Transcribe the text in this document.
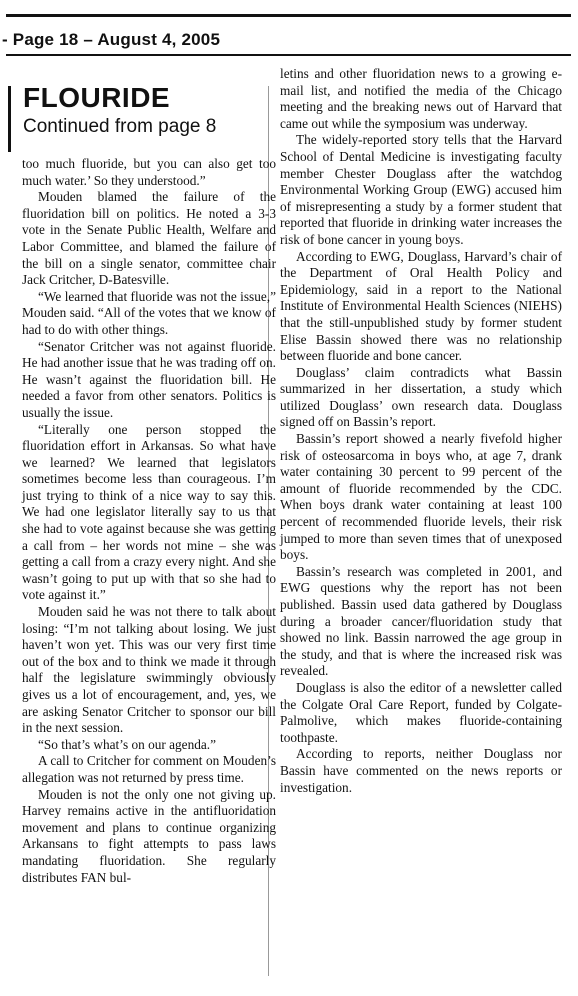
- Page 18 – August 4, 2005
FLOURIDE
Continued from page 8

too much fluoride, but you can also get too much water.’ So they understood.”

Mouden blamed the failure of the fluoridation bill on politics. He noted a 3-3 vote in the Senate Public Health, Welfare and Labor Committee, and blamed the failure of the bill on a single senator, committee chair Jack Critcher, D-Batesville.

“We learned that fluoride was not the issue,” Mouden said. “All of the votes that we know of had to do with other things.

“Senator Critcher was not against fluoride. He had another issue that he was trading off on. He wasn’t against the fluoridation bill. He needed a favor from other senators. Politics is usually the issue.

“Literally one person stopped the fluoridation effort in Arkansas. So what have we learned? We learned that legislators sometimes become less than courageous. I’m just trying to think of a nice way to say this. We had one legislator literally say to us that she had to vote against because she was getting a call from – her words not mine – she was getting a call from a crazy every night. And she wasn’t going to put up with that so she had to vote against it.”

Mouden said he was not there to talk about losing: “I’m not talking about losing. We just haven’t won yet. This was our very first time out of the box and to think we made it through half the legislature swimmingly obviously gives us a lot of encouragement, and, yes, we are asking Senator Critcher to sponsor our bill in the next session.

“So that’s what’s on our agenda.”

A call to Critcher for comment on Mouden’s allegation was not returned by press time.

Mouden is not the only one not giving up. Harvey remains active in the antifluoridation movement and plans to continue organizing Arkansans to fight attempts to pass laws mandating fluoridation. She regularly distributes FAN bul-

letins and other fluoridation news to a growing e-mail list, and notified the media of the Chicago meeting and the breaking news out of Harvard that came out while the symposium was underway.

The widely-reported story tells that the Harvard School of Dental Medicine is investigating faculty member Chester Douglass after the watchdog Environmental Working Group (EWG) accused him of misrepresenting a study by a former student that reported that fluoride in drinking water increases the risk of bone cancer in young boys.

According to EWG, Douglass, Harvard’s chair of the Department of Oral Health Policy and Epidemiology, said in a report to the National Institute of Environmental Health Sciences (NIEHS) that the still-unpublished study by former student Elise Bassin showed there was no relationship between fluoride and bone cancer.

Douglass’ claim contradicts what Bassin summarized in her dissertation, a study which utilized Douglass’ own research data. Douglass signed off on Bassin’s report.

Bassin’s report showed a nearly fivefold higher risk of osteosarcoma in boys who, at age 7, drank water containing 30 percent to 99 percent of the amount of fluoride recommended by the CDC. When boys drank water containing at least 100 percent of recommended fluoride levels, their risk jumped to more than seven times that of unexposed boys.

Bassin’s research was completed in 2001, and EWG questions why the report has not been published. Bassin used data gathered by Douglass during a broader cancer/fluoridation study that showed no link. Bassin narrowed the age group in the study, and that is where the increased risk was revealed.

Douglass is also the editor of a newsletter called the Colgate Oral Care Report, funded by Colgate-Palmolive, which makes fluoride-containing toothpaste.

According to reports, neither Douglass nor Bassin have commented on the news reports or investigation.
